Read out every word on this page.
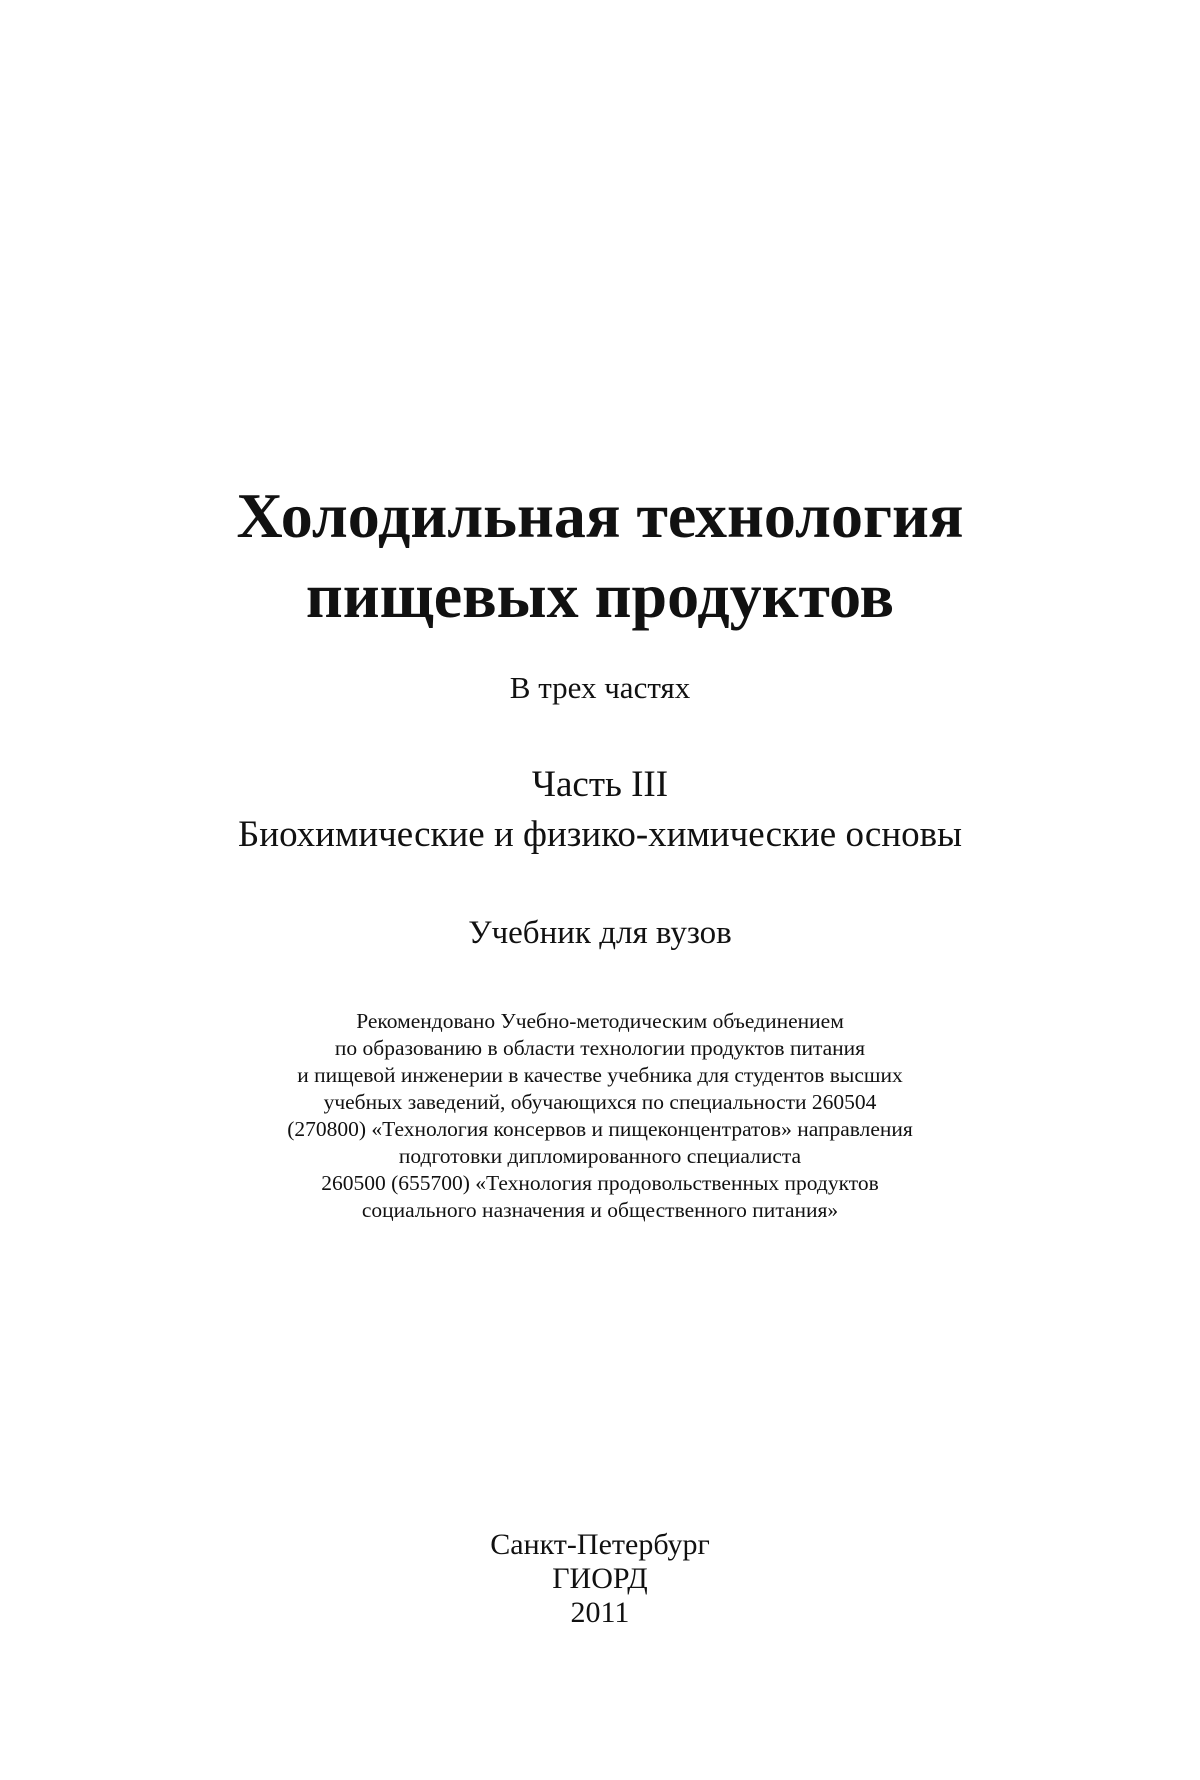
Холодильная технология
пищевых продуктов

В трех частях
Часть III
Биохимические и физико-химические основы
Учебник для вузов
Рекомендовано Учебно-методическим объединением
по образованию в области технологии продуктов питания
и пищевой инженерии в качестве учебника для студентов высших
учебных заведений, обучающихся по специальности 260504
(270800) «Технология консервов и пищеконцентратов» направления
подготовки дипломированного специалиста
260500 (655700) «Технология продовольственных продуктов
социального назначения и общественного питания»
Санкт-Петербург
ГИОРД
2011
